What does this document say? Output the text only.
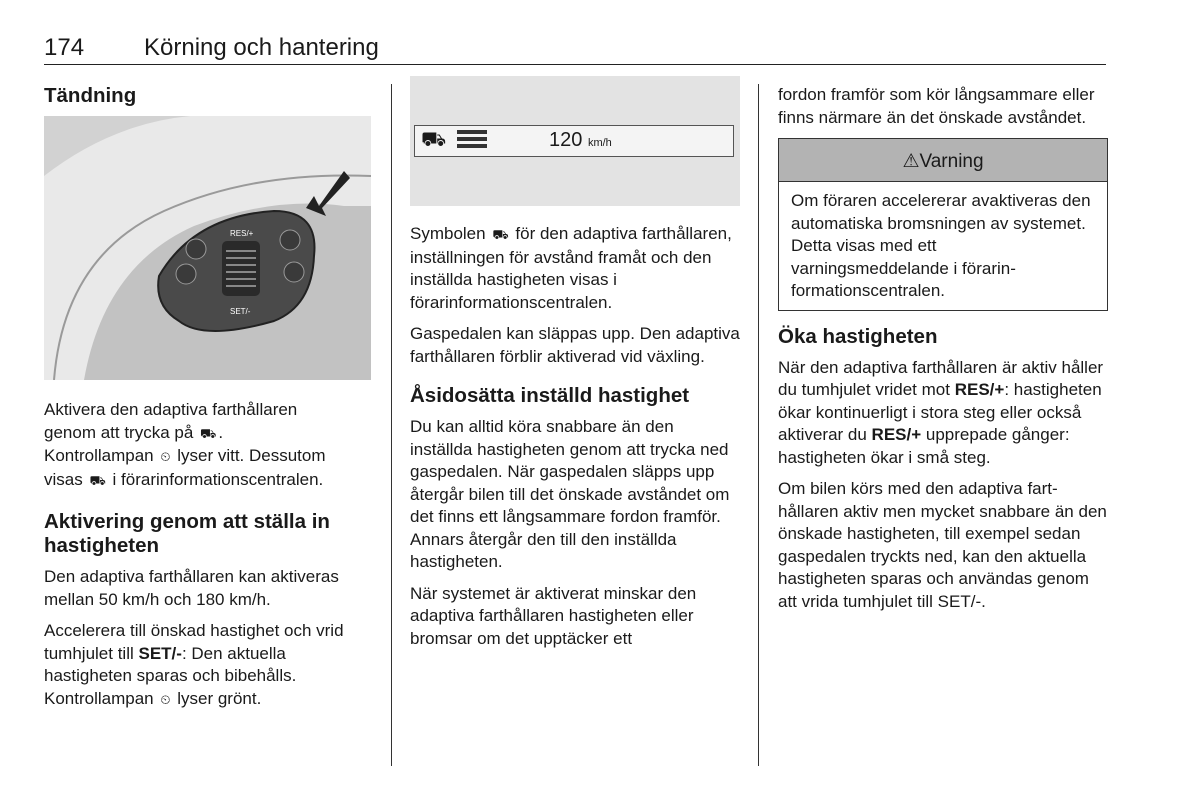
174 Körning och hantering
Tändning
RES/+
SET/-

Aktivera den adaptiva farthållaren
genom att trycka på ⛟ .
Kontrollampan ⏲ lyser vitt. Dessutom
visas ⛟ i förarinformationscentralen.

Aktivering genom att ställa in hastigheten

Den adaptiva farthållaren kan aktiveras mellan 50 km/h och 180 km/h.

Accelerera till önskad hastighet och vrid tumhjulet till SET/-: Den aktuella hastigheten sparas och bibehålls. Kontrollampan ⏲ lyser grönt.

⛟	120 km/h

Symbolen ⛟ för den adaptiva farthållaren, inställningen för avstånd framåt och den inställda hastigheten visas i förarinformationscentralen.

Gaspedalen kan släppas upp. Den adaptiva farthållaren förblir aktiverad vid växling.

Åsidosätta inställd hastighet

Du kan alltid köra snabbare än den inställda hastigheten genom att trycka ned gaspedalen. När gaspedalen släpps upp återgår bilen till det önskade avståndet om det finns ett långsammare fordon framför. Annars återgår den till den inställda hastigheten.

När systemet är aktiverat minskar den adaptiva farthållaren hastigheten eller bromsar om det upptäcker ett

fordon framför som kör långsammare eller finns närmare än det önskade avståndet.

⚠Varning
Om föraren accelererar avaktiveras den automatiska bromsningen av systemet. Detta visas med ett varningsmeddelande i förarinformationscentralen.
Öka hastigheten

När den adaptiva farthållaren är aktiv håller du tumhjulet vridet mot RES/+: hastigheten ökar kontinuerligt i stora steg eller också aktiverar du RES/+ upprepade gånger: hastigheten ökar i små steg.

Om bilen körs med den adaptiva farthållaren aktiv men mycket snabbare än den önskade hastigheten, till exempel sedan gaspedalen tryckts ned, kan den aktuella hastigheten sparas och användas genom att vrida tumhjulet till SET/-.
